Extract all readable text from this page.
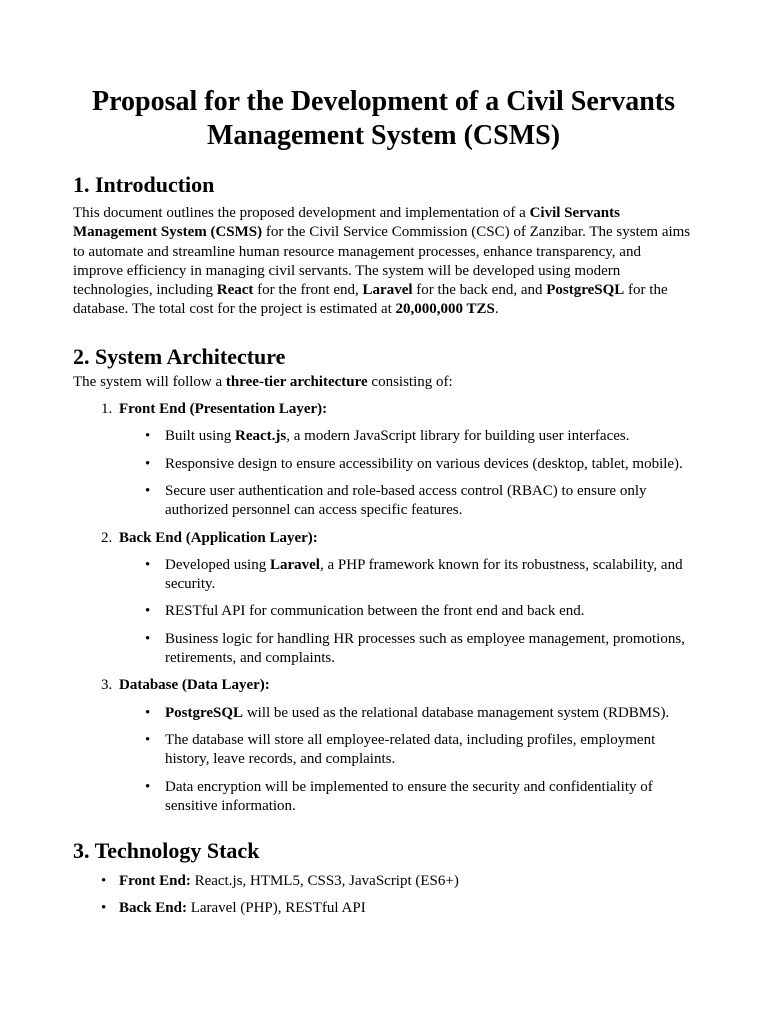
Proposal for the Development of a Civil Servants Management System (CSMS)
1. Introduction

This document outlines the proposed development and implementation of a Civil Servants Management System (CSMS) for the Civil Service Commission (CSC) of Zanzibar. The system aims to automate and streamline human resource management processes, enhance transparency, and improve efficiency in managing civil servants. The system will be developed using modern technologies, including React for the front end, Laravel for the back end, and PostgreSQL for the database. The total cost for the project is estimated at 20,000,000 TZS.

2. System Architecture

The system will follow a three-tier architecture consisting of:

1. Front End (Presentation Layer):
• Built using React.js, a modern JavaScript library for building user interfaces.
• Responsive design to ensure accessibility on various devices (desktop, tablet, mobile).
• Secure user authentication and role-based access control (RBAC) to ensure only authorized personnel can access specific features.
2. Back End (Application Layer):
• Developed using Laravel, a PHP framework known for its robustness, scalability, and security.
• RESTful API for communication between the front end and back end.
• Business logic for handling HR processes such as employee management, promotions, retirements, and complaints.
3. Database (Data Layer):
• PostgreSQL will be used as the relational database management system (RDBMS).
• The database will store all employee-related data, including profiles, employment history, leave records, and complaints.
• Data encryption will be implemented to ensure the security and confidentiality of sensitive information.
3. Technology Stack
• Front End: React.js, HTML5, CSS3, JavaScript (ES6+)
• Back End: Laravel (PHP), RESTful API
